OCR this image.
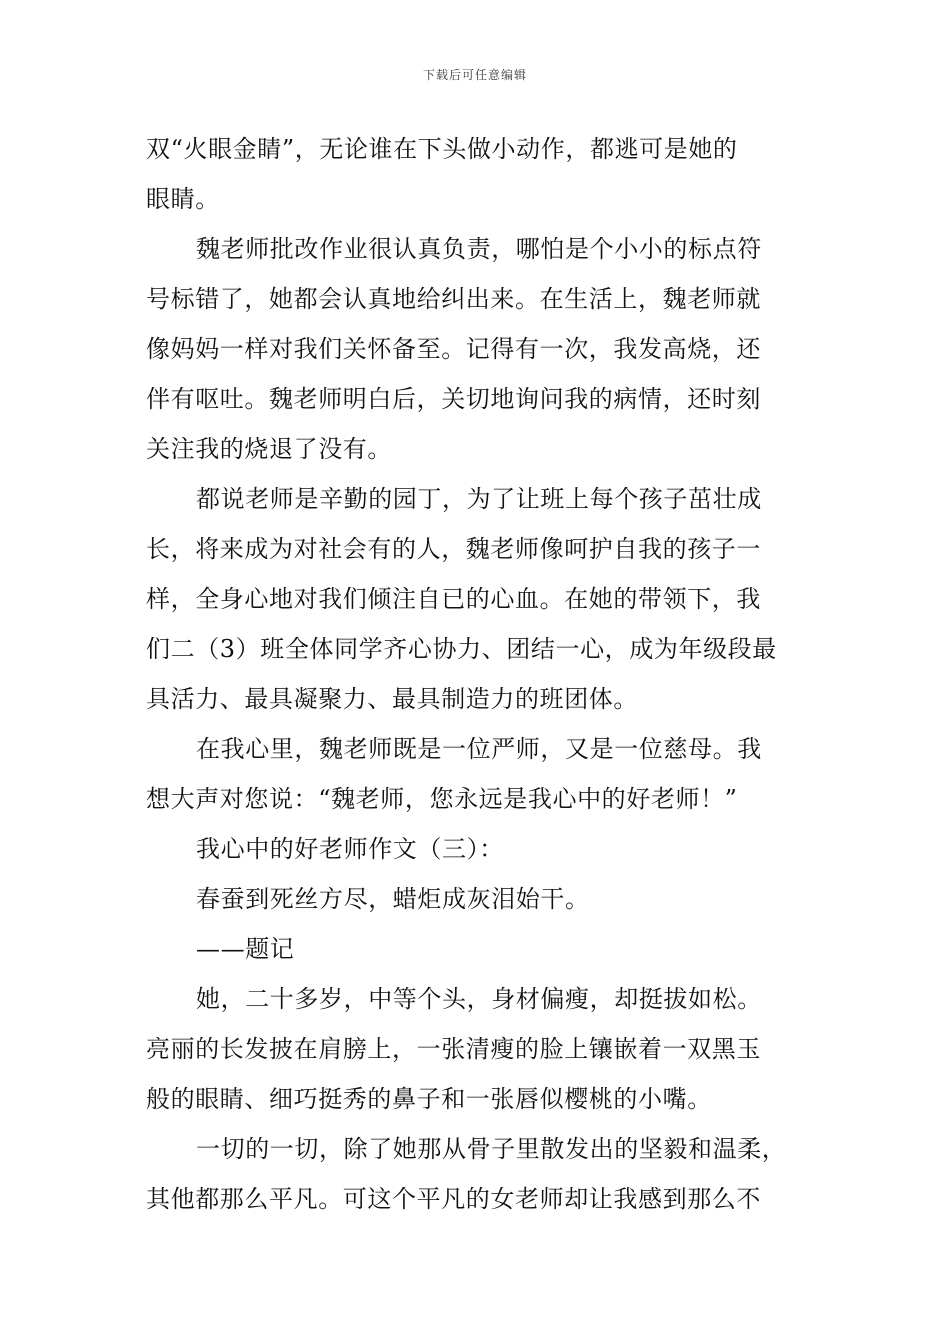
下载后可任意编辑
双“火眼金睛”，无论谁在下头做小动作，都逃可是她的
眼睛。
魏老师批改作业很认真负责，哪怕是个小小的标点符
号标错了，她都会认真地给纠出来。在生活上，魏老师就
像妈妈一样对我们关怀备至。记得有一次，我发高烧，还
伴有呕吐。魏老师明白后，关切地询问我的病情，还时刻
关注我的烧退了没有。
都说老师是辛勤的园丁，为了让班上每个孩子茁壮成
长，将来成为对社会有的人，魏老师像呵护自我的孩子一
样，全身心地对我们倾注自已的心血。在她的带领下，我
们二（3）班全体同学齐心协力、团结一心，成为年级段最
具活力、最具凝聚力、最具制造力的班团体。
在我心里，魏老师既是一位严师，又是一位慈母。我
想大声对您说：“魏老师，您永远是我心中的好老师！”
我心中的好老师作文（三）：
春蚕到死丝方尽，蜡炬成灰泪始干。
——题记
她，二十多岁，中等个头，身材偏瘦，却挺拔如松。
亮丽的长发披在肩膀上，一张清瘦的脸上镶嵌着一双黑玉
般的眼睛、细巧挺秀的鼻子和一张唇似樱桃的小嘴。
一切的一切，除了她那从骨子里散发出的坚毅和温柔，
其他都那么平凡。可这个平凡的女老师却让我感到那么不
